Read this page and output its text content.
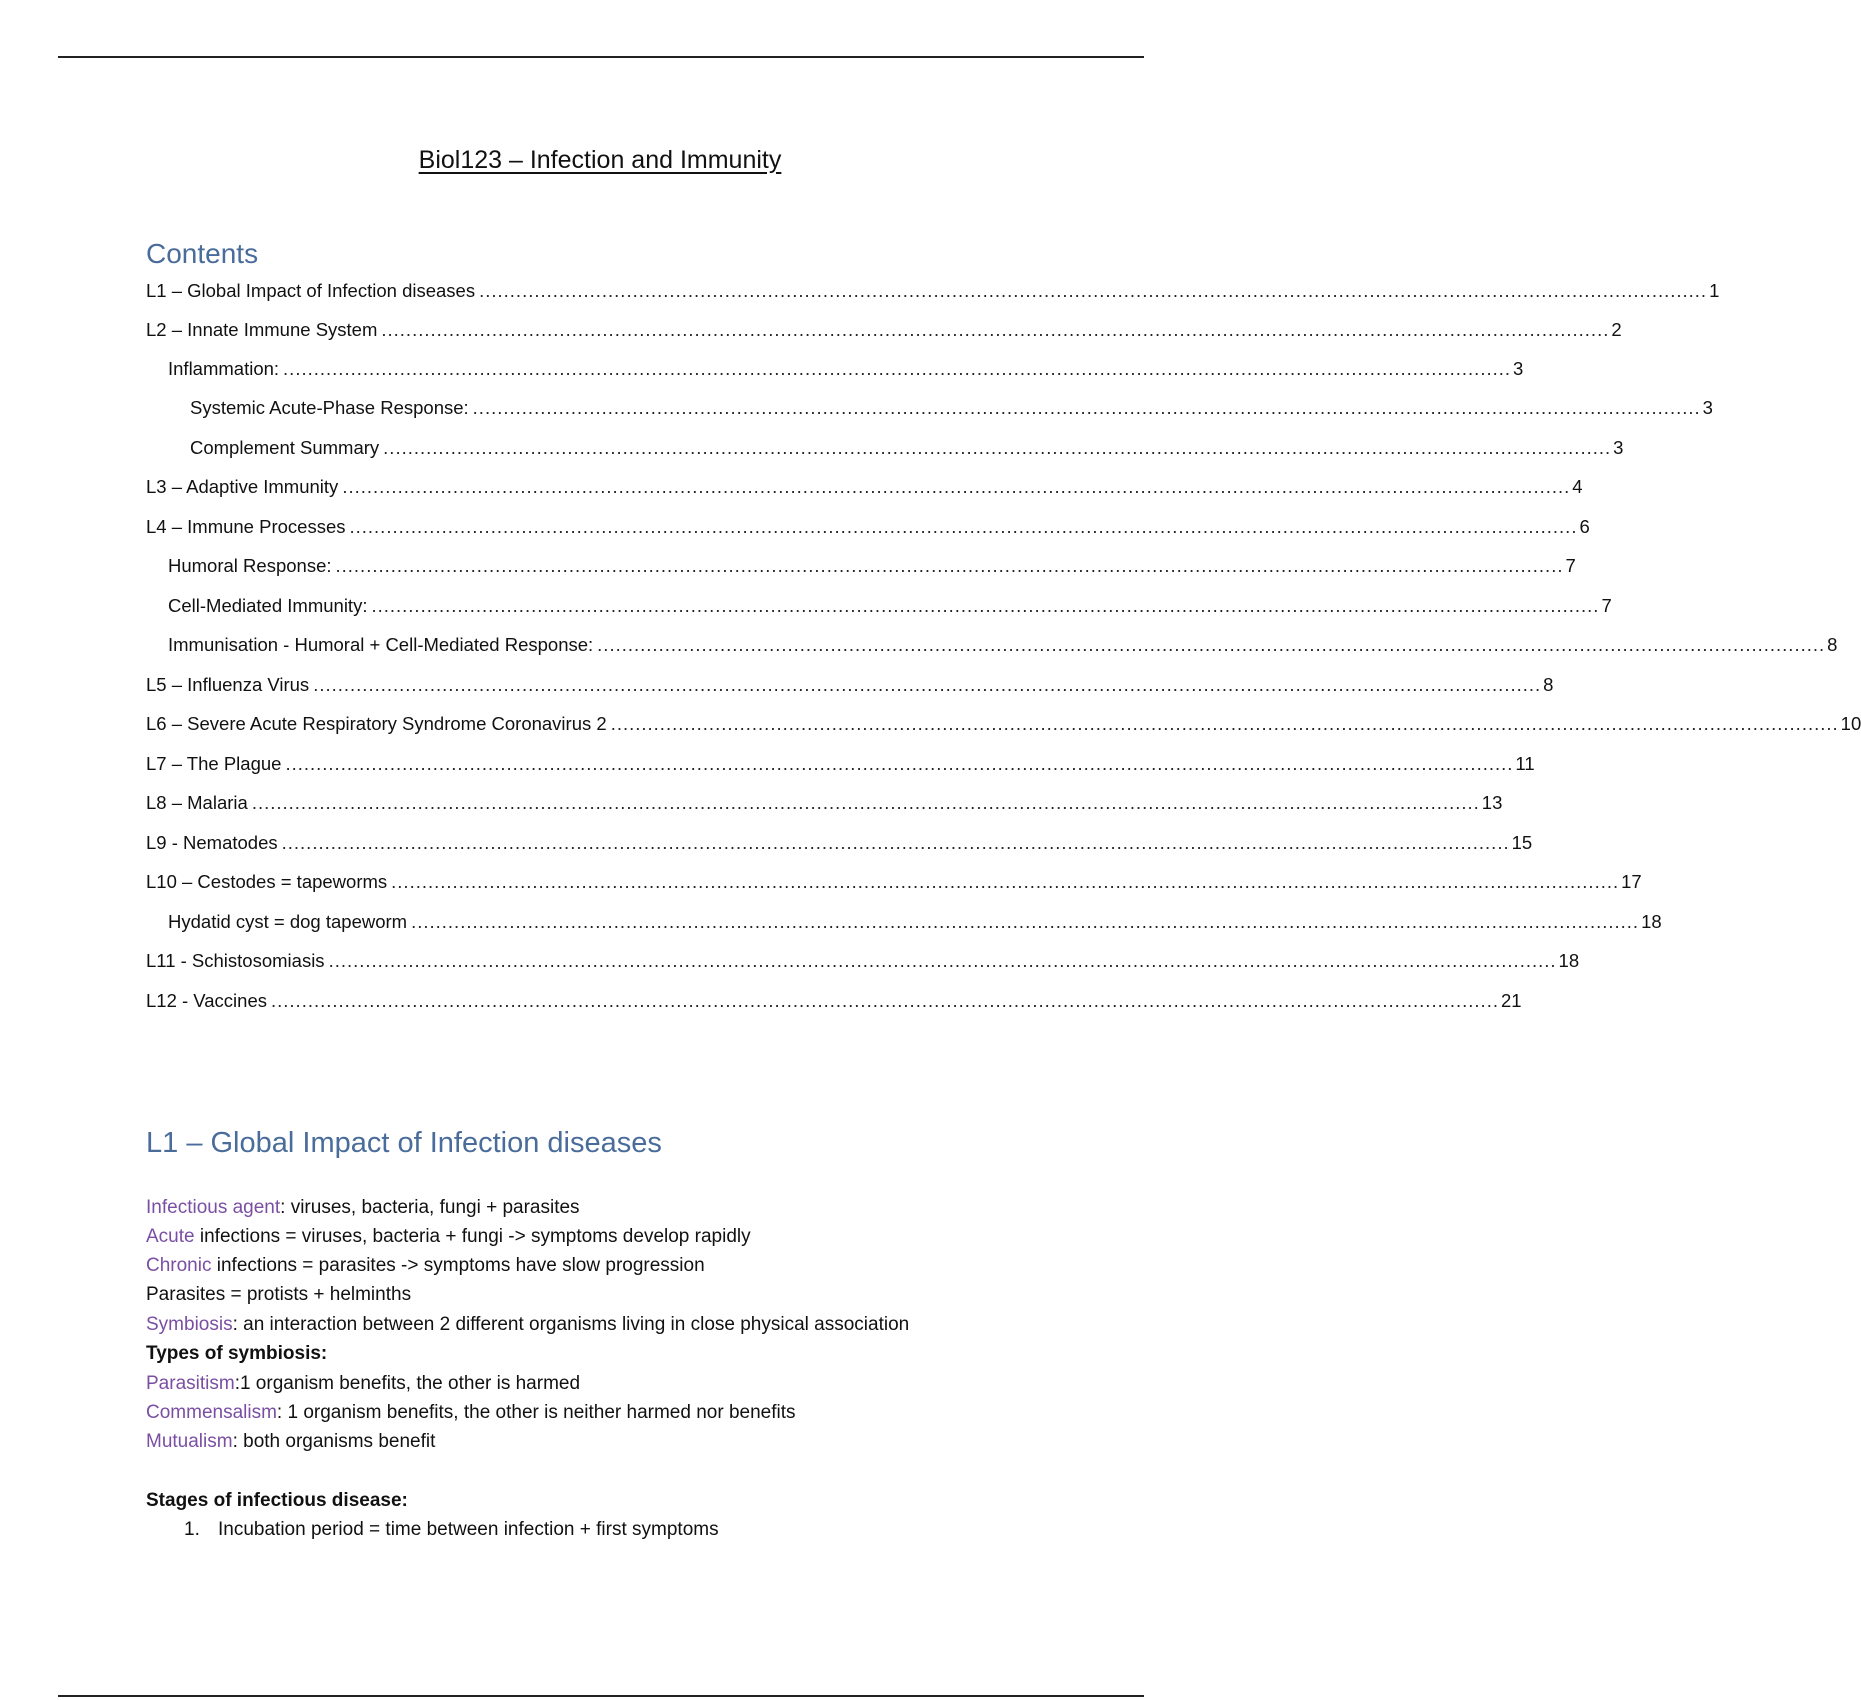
Biol123 – Infection and Immunity
Contents
L1 – Global Impact of Infection diseases ........................................................................................................................................................................................................ 1
L2 – Innate Immune System ........................................................................................................................................................................................................ 2
Inflammation: ........................................................................................................................................................................................................ 3
Systemic Acute-Phase Response: ........................................................................................................................................................................................................ 3
Complement Summary ........................................................................................................................................................................................................ 3
L3 – Adaptive Immunity ........................................................................................................................................................................................................ 4
L4 – Immune Processes ........................................................................................................................................................................................................ 6
Humoral Response: ........................................................................................................................................................................................................ 7
Cell-Mediated Immunity: ........................................................................................................................................................................................................ 7
Immunisation - Humoral + Cell-Mediated Response: ........................................................................................................................................................................................................ 8
L5 – Influenza Virus ........................................................................................................................................................................................................ 8
L6 – Severe Acute Respiratory Syndrome Coronavirus 2 ........................................................................................................................................................................................................ 10
L7 – The Plague ........................................................................................................................................................................................................ 11
L8 – Malaria ........................................................................................................................................................................................................ 13
L9 - Nematodes ........................................................................................................................................................................................................ 15
L10 – Cestodes = tapeworms ........................................................................................................................................................................................................ 17
Hydatid cyst = dog tapeworm ........................................................................................................................................................................................................ 18
L11 - Schistosomiasis ........................................................................................................................................................................................................ 18
L12 - Vaccines ........................................................................................................................................................................................................ 21
L1 – Global Impact of Infection diseases
Infectious agent: viruses, bacteria, fungi + parasites
Acute infections = viruses, bacteria + fungi -> symptoms develop rapidly
Chronic infections = parasites -> symptoms have slow progression
Parasites = protists + helminths
Symbiosis: an interaction between 2 different organisms living in close physical association
Types of symbiosis:
Parasitism:1 organism benefits, the other is harmed
Commensalism: 1 organism benefits, the other is neither harmed nor benefits
Mutualism: both organisms benefit
Stages of infectious disease:
1. Incubation period = time between infection + first symptoms
